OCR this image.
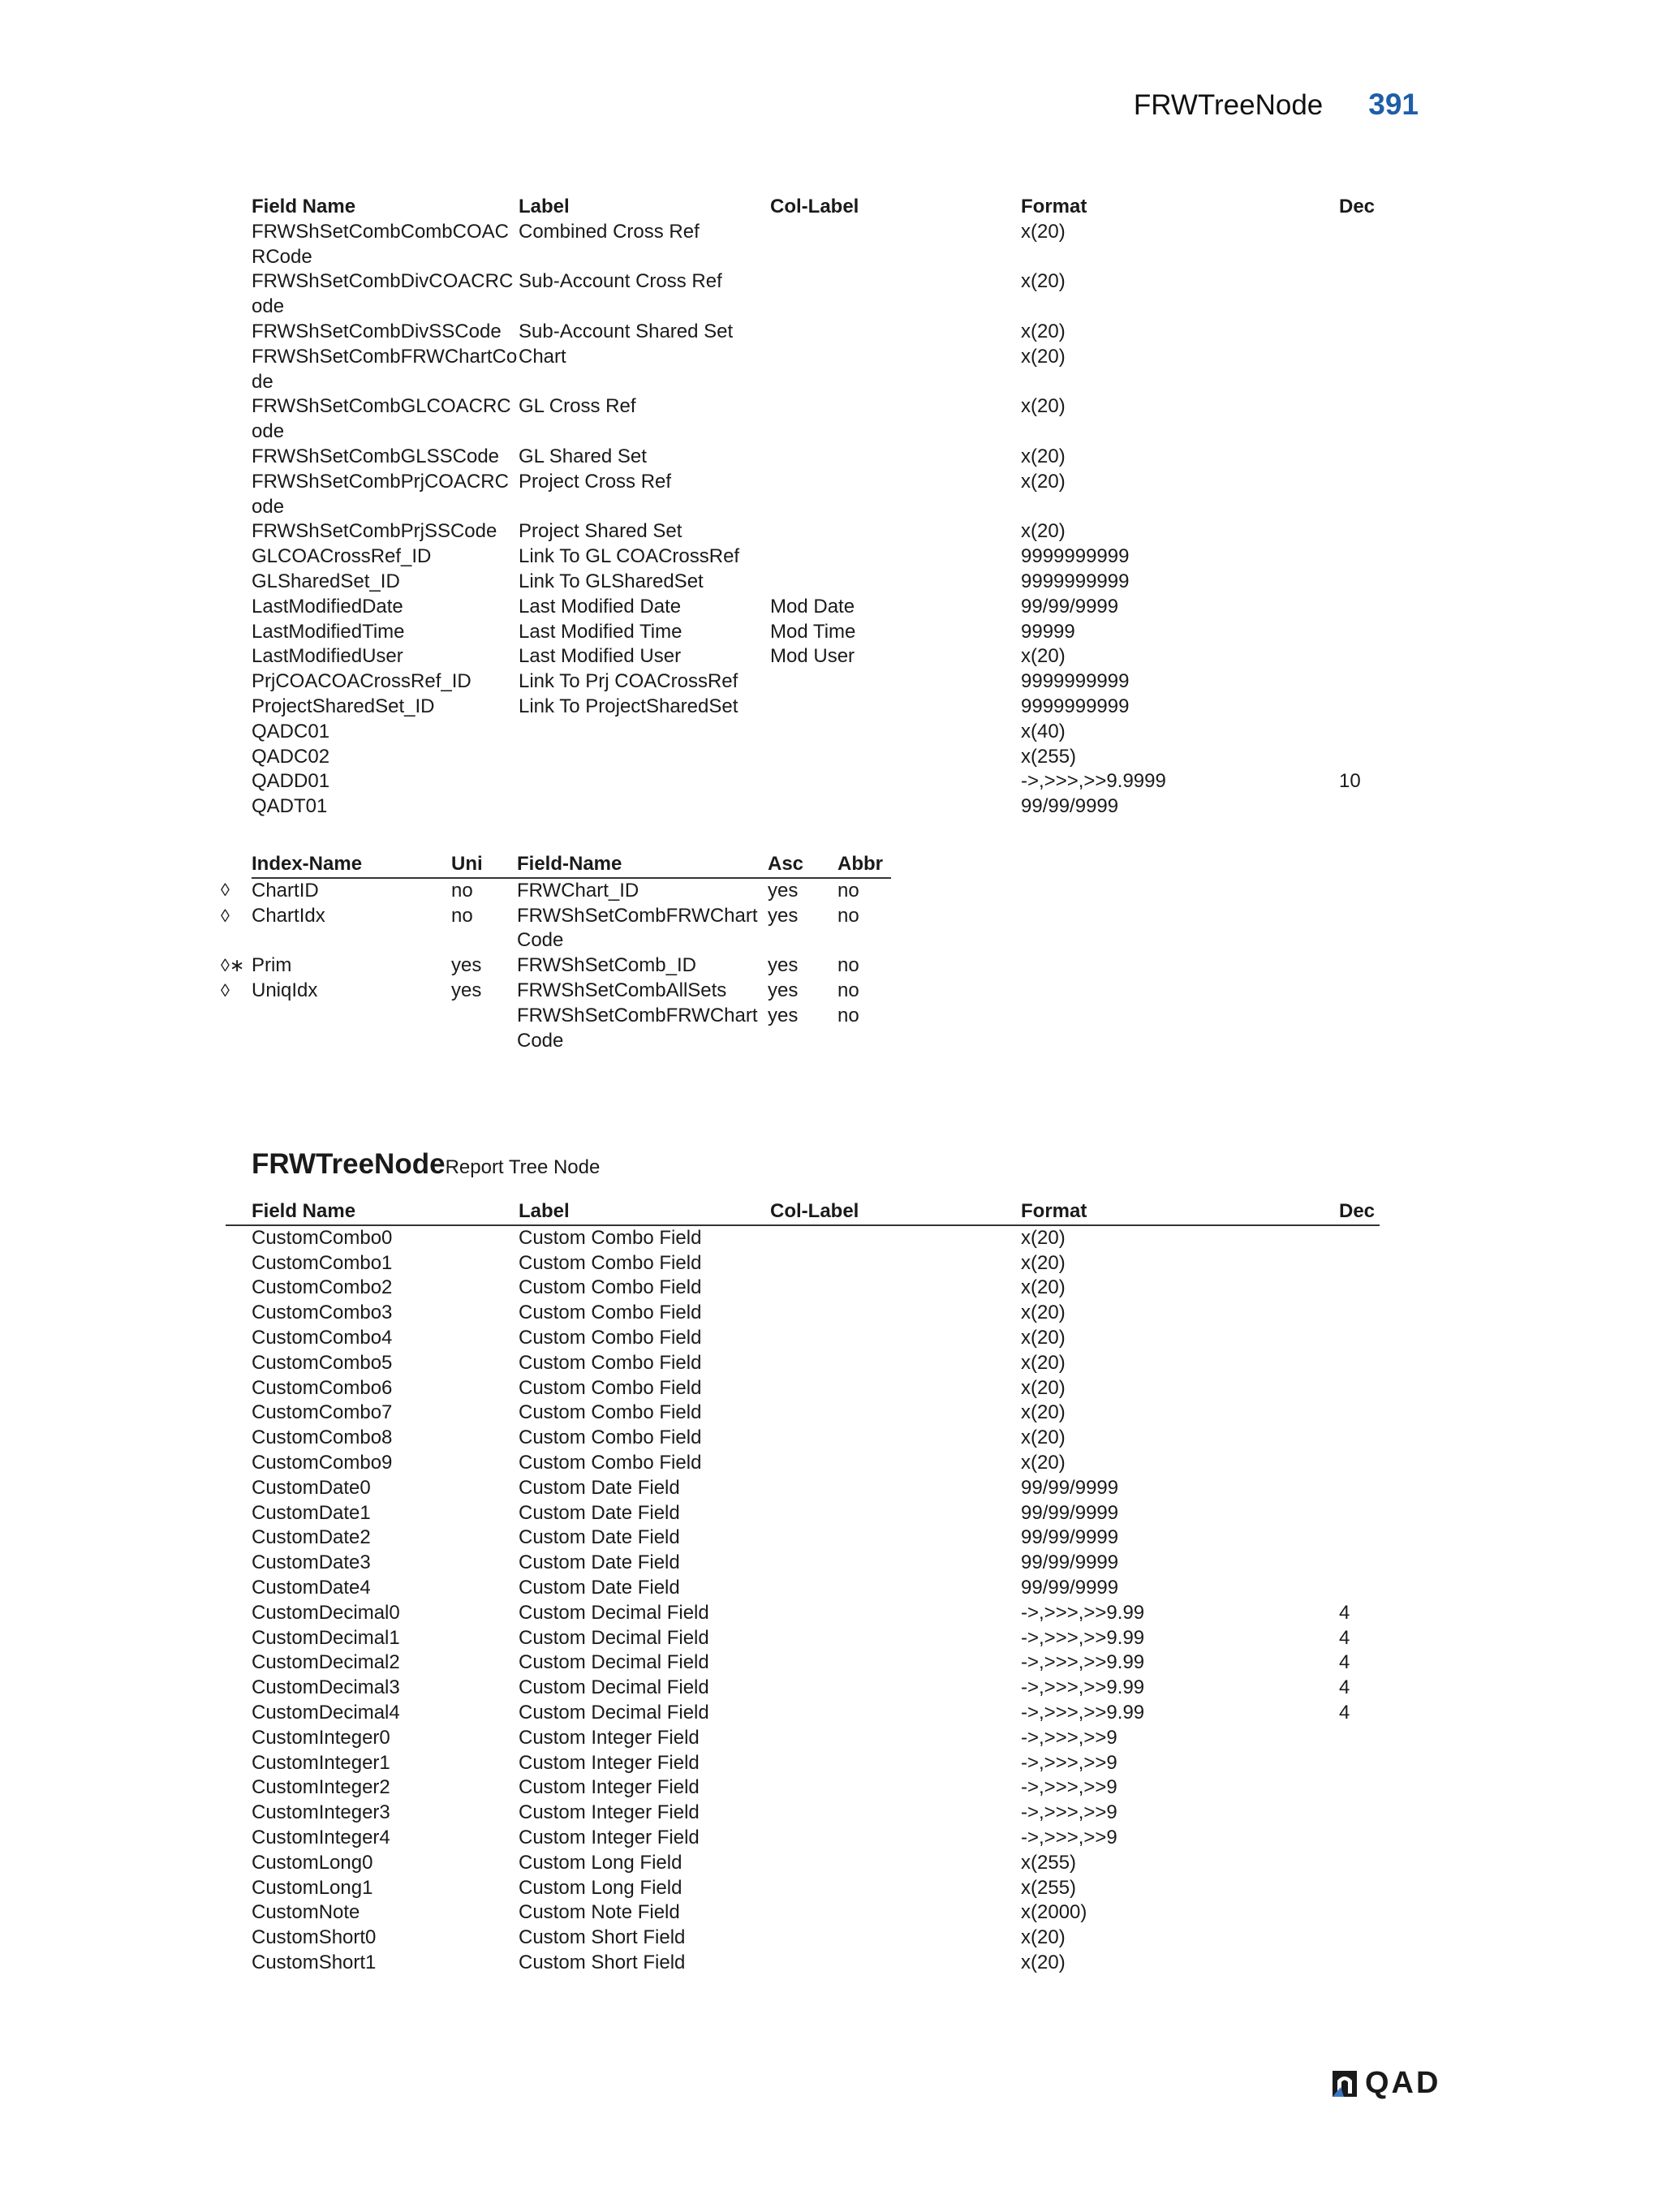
FRWTreeNode 391
Field Name	Label	Col-Label	Format	Dec
FRWShSetCombCombCOACRCode	Combined Cross Ref		x(20)	
FRWShSetCombDivCOACRCode	Sub-Account Cross Ref		x(20)	
FRWShSetCombDivSSCode	Sub-Account Shared Set		x(20)	
FRWShSetCombFRWChartCode	Chart		x(20)	
FRWShSetCombGLCOACRCode	GL Cross Ref		x(20)	
FRWShSetCombGLSSCode	GL Shared Set		x(20)	
FRWShSetCombPrjCOACRCode	Project Cross Ref		x(20)	
FRWShSetCombPrjSSCode	Project Shared Set		x(20)	
GLCOACrossRef_ID	Link To GL COACrossRef		9999999999	
GLSharedSet_ID	Link To GLSharedSet		9999999999	
LastModifiedDate	Last Modified Date	Mod Date	99/99/9999	
LastModifiedTime	Last Modified Time	Mod Time	99999	
LastModifiedUser	Last Modified User	Mod User	x(20)	
PrjCOACOACrossRef_ID	Link To Prj COACrossRef		9999999999	
ProjectSharedSet_ID	Link To ProjectSharedSet		9999999999	
QADC01			x(40)	
QADC02			x(255)	
QADD01			->,>>>,>>9.9999	10
QADT01			99/99/9999	
	Index-Name	Uni	Field-Name	Asc	Abbr
◊	ChartID	no	FRWChart_ID	yes	no
◊	ChartIdx	no	FRWShSetCombFRWChartCode	yes	no
◊∗	Prim	yes	FRWShSetComb_ID	yes	no
◊	UniqIdx	yes	FRWShSetCombAllSets	yes	no
			FRWShSetCombFRWChartCode	yes	no
FRWTreeNode Report Tree Node
	Field Name	Label	Col-Label	Format	Dec
	CustomCombo0	Custom Combo Field		x(20)	
	CustomCombo1	Custom Combo Field		x(20)	
	CustomCombo2	Custom Combo Field		x(20)	
	CustomCombo3	Custom Combo Field		x(20)	
	CustomCombo4	Custom Combo Field		x(20)	
	CustomCombo5	Custom Combo Field		x(20)	
	CustomCombo6	Custom Combo Field		x(20)	
	CustomCombo7	Custom Combo Field		x(20)	
	CustomCombo8	Custom Combo Field		x(20)	
	CustomCombo9	Custom Combo Field		x(20)	
	CustomDate0	Custom Date Field		99/99/9999	
	CustomDate1	Custom Date Field		99/99/9999	
	CustomDate2	Custom Date Field		99/99/9999	
	CustomDate3	Custom Date Field		99/99/9999	
	CustomDate4	Custom Date Field		99/99/9999	
	CustomDecimal0	Custom Decimal Field		->,>>>,>>9.99	4
	CustomDecimal1	Custom Decimal Field		->,>>>,>>9.99	4
	CustomDecimal2	Custom Decimal Field		->,>>>,>>9.99	4
	CustomDecimal3	Custom Decimal Field		->,>>>,>>9.99	4
	CustomDecimal4	Custom Decimal Field		->,>>>,>>9.99	4
	CustomInteger0	Custom Integer Field		->,>>>,>>9	
	CustomInteger1	Custom Integer Field		->,>>>,>>9	
	CustomInteger2	Custom Integer Field		->,>>>,>>9	
	CustomInteger3	Custom Integer Field		->,>>>,>>9	
	CustomInteger4	Custom Integer Field		->,>>>,>>9	
	CustomLong0	Custom Long Field		x(255)	
	CustomLong1	Custom Long Field		x(255)	
	CustomNote	Custom Note Field		x(2000)	
	CustomShort0	Custom Short Field		x(20)	
	CustomShort1	Custom Short Field		x(20)	
QAD
